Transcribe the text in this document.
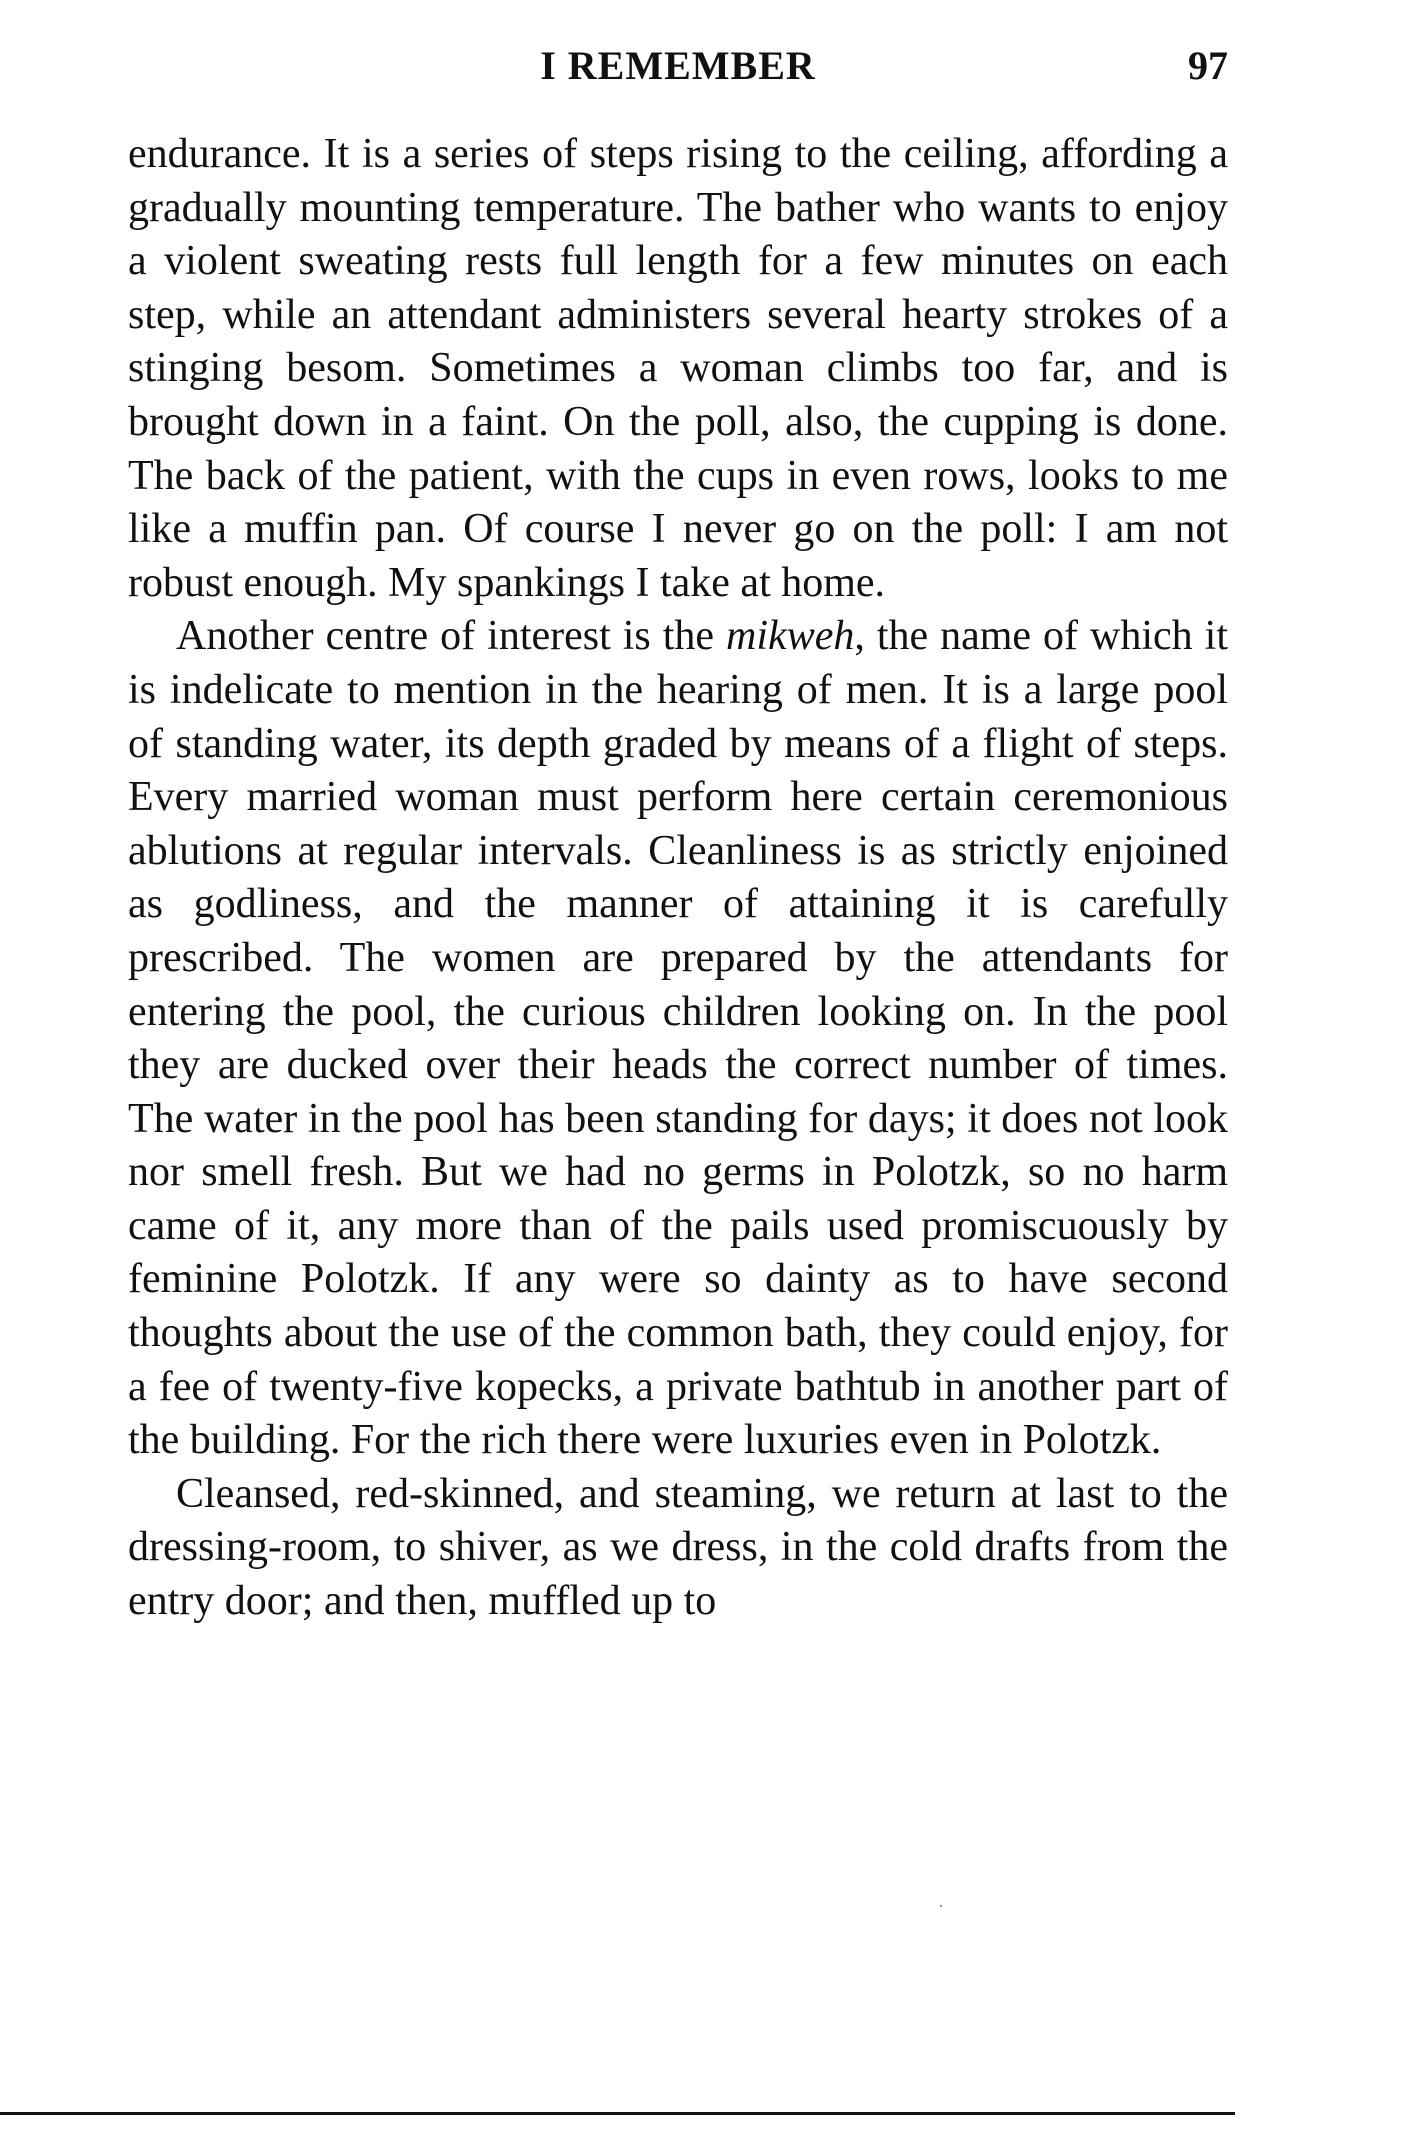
I REMEMBER	97

endurance. It is a series of steps rising to the ceiling, affording a gradually mounting temperature. The bather who wants to enjoy a violent sweating rests full length for a few minutes on each step, while an attendant administers several hearty strokes of a stinging besom. Sometimes a woman climbs too far, and is brought down in a faint. On the poll, also, the cupping is done. The back of the patient, with the cups in even rows, looks to me like a muffin pan. Of course I never go on the poll: I am not robust enough. My spankings I take at home.

Another centre of interest is the mikweh, the name of which it is indelicate to mention in the hearing of men. It is a large pool of standing water, its depth graded by means of a flight of steps. Every married woman must perform here certain ceremonious ablutions at regular intervals. Cleanliness is as strictly enjoined as godliness, and the manner of attaining it is carefully prescribed. The women are prepared by the attendants for entering the pool, the curious children looking on. In the pool they are ducked over their heads the correct number of times. The water in the pool has been standing for days; it does not look nor smell fresh. But we had no germs in Polotzk, so no harm came of it, any more than of the pails used promiscuously by feminine Polotzk. If any were so dainty as to have second thoughts about the use of the common bath, they could enjoy, for a fee of twenty-five kopecks, a private bathtub in another part of the building. For the rich there were luxuries even in Polotzk.

Cleansed, red-skinned, and steaming, we return at last to the dressing-room, to shiver, as we dress, in the cold drafts from the entry door; and then, muffled up to
